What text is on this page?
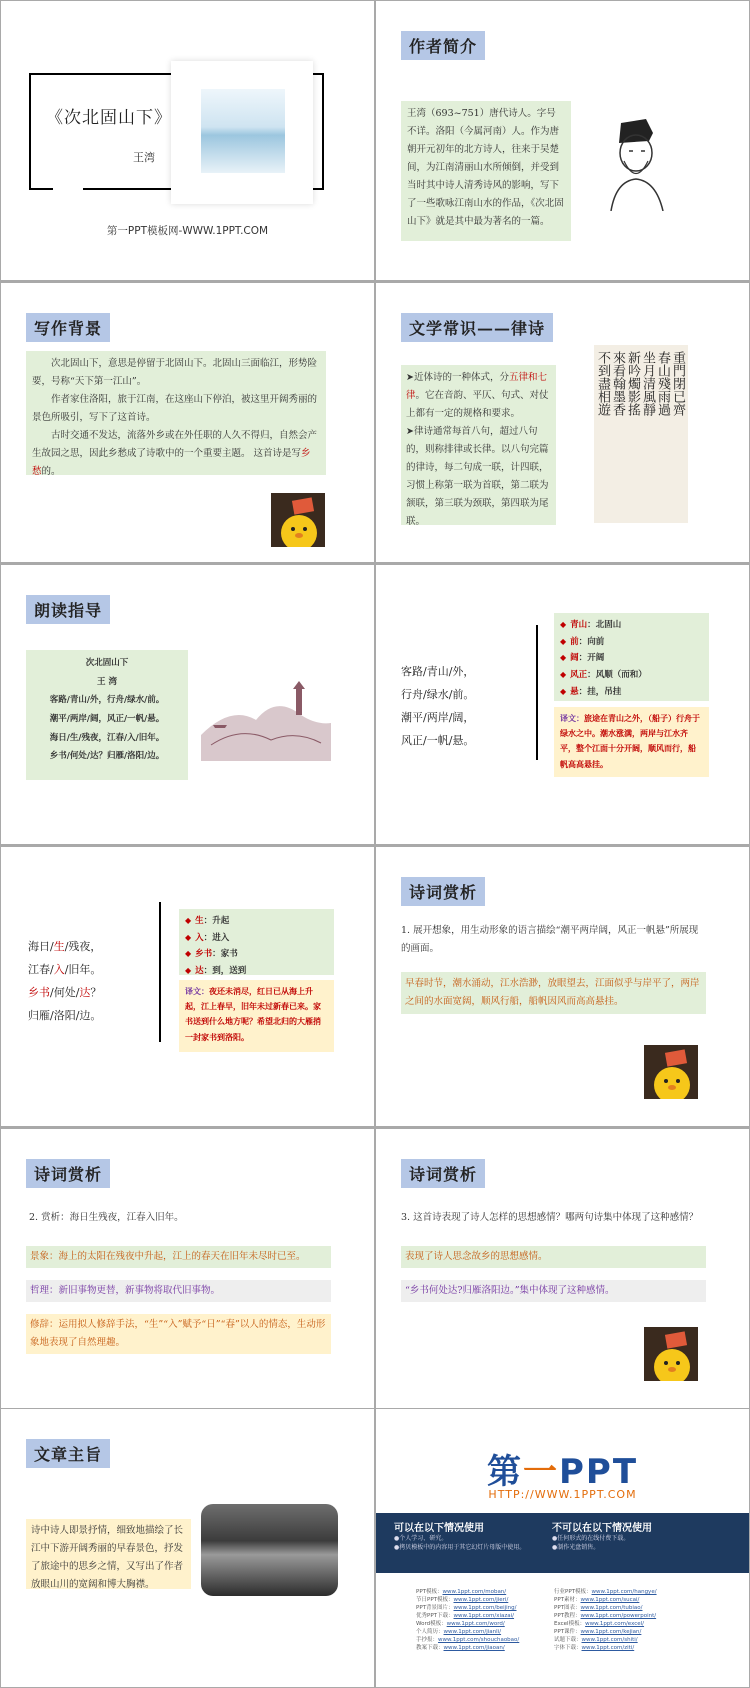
《次北固山下》
王湾
第一PPT模板网-WWW.1PPT.COM
作者简介
王湾（693~751）唐代诗人。字号不详。洛阳（今属河南）人。作为唐朝开元初年的北方诗人，往来于吴楚间，为江南清丽山水所倾倒，并受到当时其中诗人清秀诗风的影响，写下了一些歌咏江南山水的作品，《次北固山下》就是其中最为著名的一篇。
写作背景
次北固山下，意思是停留于北固山下。北固山三面临江，形势险要，号称“天下第一江山”。
作者家住洛阳，旅于江南，在这座山下停泊，被这里开阔秀丽的景色所吸引，写下了这首诗。
古时交通不发达，流落外乡或在外任职的人久不得归，自然会产生故园之思，因此乡愁成了诗歌中的一个重要主题。 这首诗是写乡愁的。
文学常识——律诗
➤近体诗的一种体式，分五律和七律。它在音韵、平仄、句式、对仗上都有一定的规格和要求。
➤律诗通常每首八句，超过八句的，则称排律或长律。以八句完篇的律诗，每二句成一联，计四联，习惯上称第一联为首联，第二联为颔联，第三联为颈联，第四联为尾联。
重門閉已齊
春山殘雨過
坐月清風靜
新吟燭影搖
來看翰墨香
不到盡相遊
朗读指导
次北固山下
王 湾
客路/青山/外，行舟/绿水/前。
潮平/两岸/阔，风正/一帆/悬。
海日/生/残夜，江春/入/旧年。
乡书/何处/达？归雁/洛阳/边。
客路/青山/外，
行舟/绿水/前。
潮平/两岸/阔，
风正/一帆/悬。
◆ 青山：北固山
◆ 前：向前
◆ 阔：开阔
◆ 风正：风顺（而和）
◆ 悬：挂，吊挂
译文：旅途在青山之外，（船子）行舟于绿水之中。潮水涨满，两岸与江水齐平，整个江面十分开阔，顺风而行，船帆高高悬挂。
海日/生/残夜，
江春/入/旧年。
乡书/何处/达？
归雁/洛阳/边。
◆ 生：升起
◆ 入：进入
◆ 乡书：家书
◆ 达：到，送到
译文：夜还未消尽，红日已从海上升起，江上春早，旧年未过新春已来。家书送到什么地方呢？希望北归的大雁捎一封家书到洛阳。
诗词赏析
1. 展开想象，用生动形象的语言描绘“潮平两岸阔，风正一帆悬”所展现的画面。
早春时节，潮水涌动，江水浩渺，放眼望去，江面似乎与岸平了，两岸之间的水面宽阔，顺风行船，船帆因风而高高悬挂。
诗词赏析
2. 赏析：海日生残夜，江春入旧年。
景象：海上的太阳在残夜中升起，江上的春天在旧年未尽时已至。
哲理：新旧事物更替，新事物将取代旧事物。
修辞：运用拟人修辞手法，“生”“入”赋予“日”“春”以人的情态，生动形象地表现了自然理趣。
诗词赏析
3. 这首诗表现了诗人怎样的思想感情？哪两句诗集中体现了这种感情？
表现了诗人思念故乡的思想感情。
“乡书何处达?归雁洛阳边。”集中体现了这种感情。
文章主旨
诗中诗人即景抒情，细致地描绘了长江中下游开阔秀丽的早春景色，抒发了旅途中的思乡之情，又写出了作者放眼山川的宽阔和博大胸襟。
第一PPT
HTTP://WWW.1PPT.COM
可以在以下情况使用
●个人学习、研究。
●拷贝模板中的内容用于其它幻灯片母版中使用。
不可以在以下情况使用
●任何形式的在线付费下载。
●制作光盘销售。
PPT模板：www.1ppt.com/moban/
节日PPT模板：www.1ppt.com/jieri/
PPT背景图片：www.1ppt.com/beijing/
优秀PPT下载：www.1ppt.com/xiazai/
Word模板：www.1ppt.com/word/
个人简历：www.1ppt.com/jianli/
手抄报：www.1ppt.com/shouchaobao/
教案下载：www.1ppt.com/jiaoan/
行业PPT模板：www.1ppt.com/hangye/
PPT素材：www.1ppt.com/sucai/
PPT图表：www.1ppt.com/tubiao/
PPT教程：www.1ppt.com/powerpoint/
Excel模板：www.1ppt.com/excel/
PPT课件：www.1ppt.com/kejian/
试题下载：www.1ppt.com/shiti/
字体下载：www.1ppt.com/ziti/
